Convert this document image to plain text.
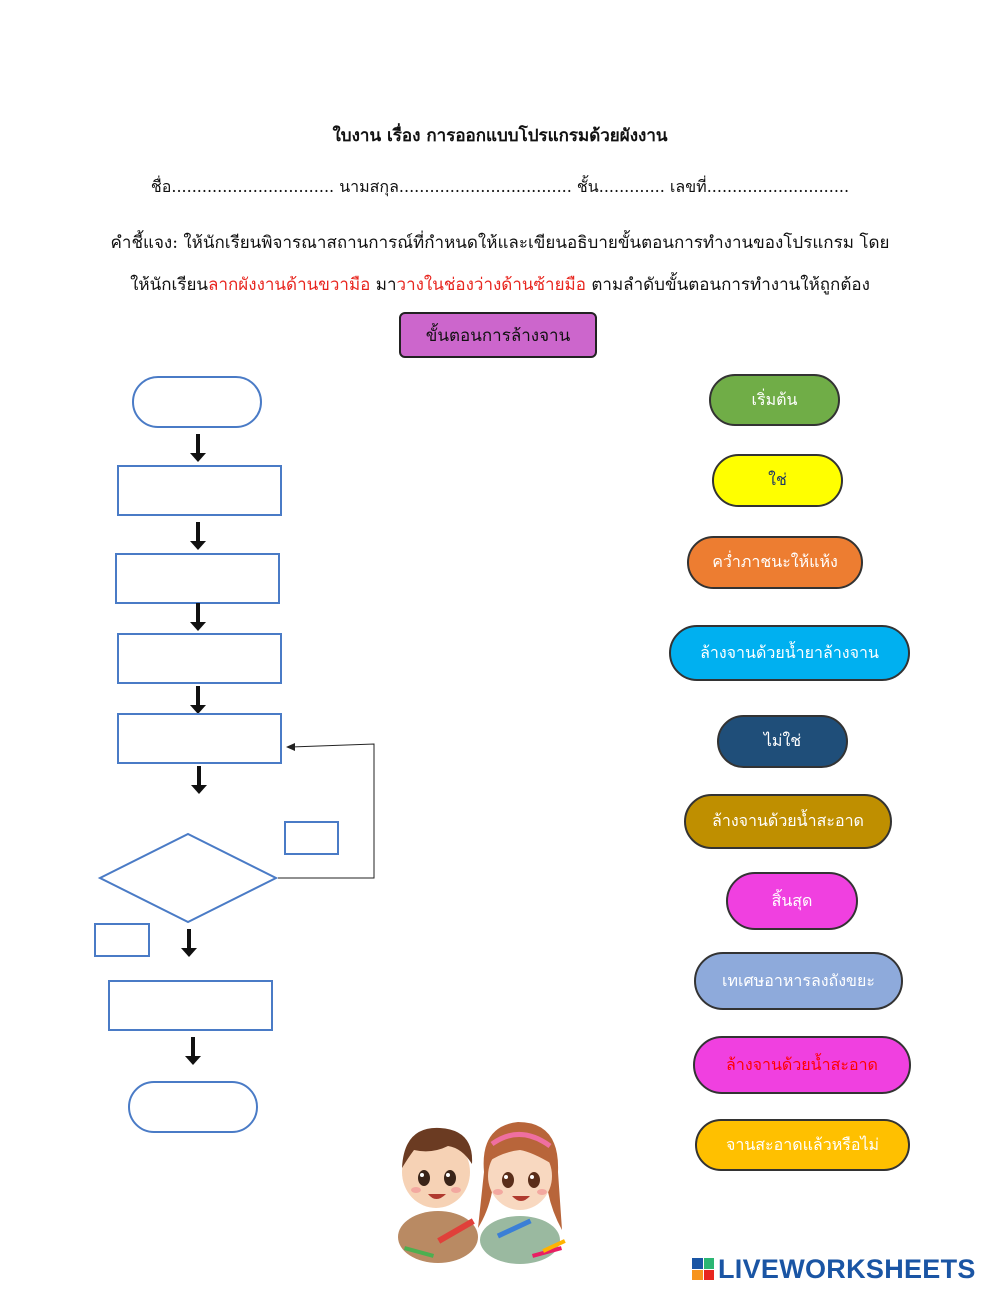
ใบงาน เรื่อง การออกแบบโปรแกรมด้วยผังงาน
ชื่อ................................ นามสกุล.................................. ชั้น............. เลขที่............................
คำชี้แจง: ให้นักเรียนพิจารณาสถานการณ์ที่กำหนดให้และเขียนอธิบายขั้นตอนการทำงานของโปรแกรม โดย
ให้นักเรียนลากผังงานด้านขวามือ มาวางในช่องว่างด้านซ้ายมือ ตามลำดับขั้นตอนการทำงานให้ถูกต้อง
ขั้นตอนการล้างจาน
เริ่มต้น
ใช่
คว่ำภาชนะให้แห้ง
ล้างจานด้วยน้ำยาล้างจาน
ไม่ใช่
ล้างจานด้วยน้ำสะอาด
สิ้นสุด
เทเศษอาหารลงถังขยะ
ล้างจานด้วยน้ำสะอาด
จานสะอาดแล้วหรือไม่
LIVEWORKSHEETS
